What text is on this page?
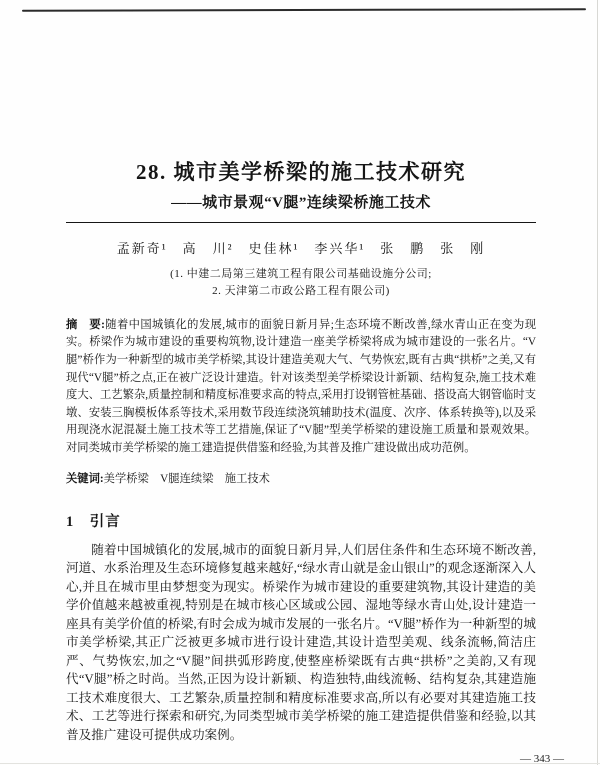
28. 城市美学桥梁的施工技术研究
——城市景观“V腿”连续梁桥施工技术
孟新奇¹　高　川²　史佳林¹　李兴华¹　张　鹏　张　刚
(1. 中建二局第三建筑工程有限公司基础设施分公司;
2. 天津第二市政公路工程有限公司)

摘　要:随着中国城镇化的发展,城市的面貌日新月异;生态环境不断改善,绿水青山正在变为现实。桥梁作为城市建设的重要构筑物,设计建造一座美学桥梁将成为城市建设的一张名片。“V腿”桥作为一种新型的城市美学桥梁,其设计建造美观大气、气势恢宏,既有古典“拱桥”之美,又有现代“V腿”桥之点,正在被广泛设计建造。针对该类型美学桥梁设计新颖、结构复杂,施工技术难度大、工艺繁杂,质量控制和精度标准要求高的特点,采用打设钢管桩基础、搭设高大钢管临时支墩、安装三胸模板体系等技术,采用数节段连续浇筑辅助技术(温度、次序、体系转换等),以及采用现浇水泥混凝土施工技术等工艺措施,保证了“V腿”型美学桥梁的建设施工质量和景观效果。对同类城市美学桥梁的施工建造提供借鉴和经验,为其普及推广建设做出成功范例。

关键词:美学桥梁　V腿连续梁　施工技术
1　引言

随着中国城镇化的发展,城市的面貌日新月异,人们居住条件和生态环境不断改善,河道、水系治理及生态环境修复越来越好,“绿水青山就是金山银山”的观念逐渐深入人心,并且在城市里由梦想变为现实。桥梁作为城市建设的重要建筑物,其设计建造的美学价值越来越被重视,特别是在城市核心区域或公园、湿地等绿水青山处,设计建造一座具有美学价值的桥梁,有时会成为城市发展的一张名片。“V腿”桥作为一种新型的城市美学桥梁,其正广泛被更多城市进行设计建造,其设计造型美观、线条流畅,简洁庄严、气势恢宏,加之“V腿”间拱弧形跨度,使整座桥梁既有古典“拱桥”之美韵,又有现代“V腿”桥之时尚。当然,正因为设计新颖、构造独特,曲线流畅、结构复杂,其建造施工技术难度很大、工艺繁杂,质量控制和精度标准要求高,所以有必要对其建造施工技术、工艺等进行探索和研究,为同类型城市美学桥梁的施工建造提供借鉴和经验,以其普及推广建设可提供成功案例。

— 343 —
